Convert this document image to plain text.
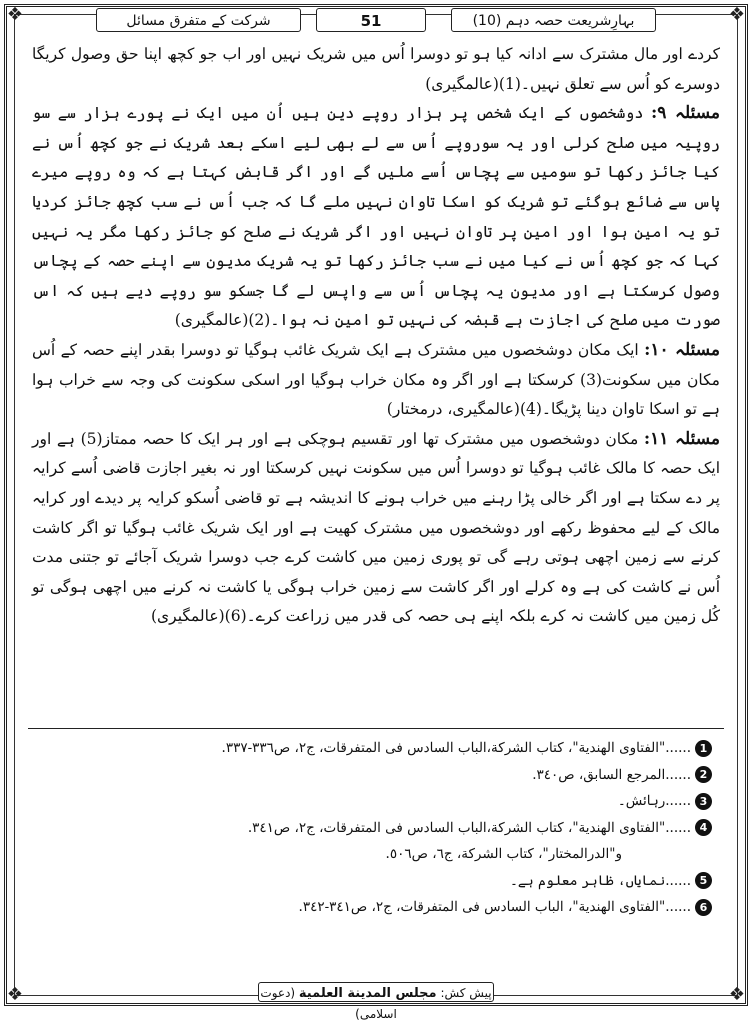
❖	❖
❖	❖
بہارِشریعت حصہ دہم (10)
51
شرکت کے متفرق مسائل

کردے اور مال مشترک سے ادانہ کیا ہو تو دوسرا اُس میں شریک نہیں اور اب جو کچھ اپنا حق وصول کریگا دوسرے کو اُس سے تعلق نہیں۔(1)(عالمگیری)

مسئلہ ۹: دوشخصوں کے ایک شخص پر ہزار روپے دین ہیں اُن میں ایک نے پورے ہزار سے سو روپیہ میں صلح کرلی اور یہ سوروپے اُس سے لے بھی لیے اسکے بعد شریک نے جو کچھ اُس نے کیا جائز رکھا تو سومیں سے پچاس اُسے ملیں گے اور اگر قابض کہتا ہے کہ وہ روپے میرے پاس سے ضائع ہوگئے تو شریک کو اسکا تاوان نہیں ملے گا کہ جب اُس نے سب کچھ جائز کردیا تو یہ امین ہوا اور امین پر تاوان نہیں اور اگر شریک نے صلح کو جائز رکھا مگر یہ نہیں کہا کہ جو کچھ اُس نے کیا میں نے سب جائز رکھا تو یہ شریک مدیون سے اپنے حصہ کے پچاس وصول کرسکتا ہے اور مدیون یہ پچاس اُس سے واپس لے گا جسکو سو روپے دیے ہیں کہ اس صورت میں صلح کی اجازت ہے قبضہ کی نہیں تو امین نہ ہوا۔(2)(عالمگیری)

مسئلہ ۱۰: ایک مکان دوشخصوں میں مشترک ہے ایک شریک غائب ہوگیا تو دوسرا بقدر اپنے حصہ کے اُس مکان میں سکونت(3) کرسکتا ہے اور اگر وہ مکان خراب ہوگیا اور اسکی سکونت کی وجہ سے خراب ہوا ہے تو اسکا تاوان دینا پڑیگا۔(4)(عالمگیری، درمختار)

مسئلہ ۱۱: مکان دوشخصوں میں مشترک تھا اور تقسیم ہوچکی ہے اور ہر ایک کا حصہ ممتاز(5) ہے اور ایک حصہ کا مالک غائب ہوگیا تو دوسرا اُس میں سکونت نہیں کرسکتا اور نہ بغیر اجازت قاضی اُسے کرایہ پر دے سکتا ہے اور اگر خالی پڑا رہنے میں خراب ہونے کا اندیشہ ہے تو قاضی اُسکو کرایہ پر دیدے اور کرایہ مالک کے لیے محفوظ رکھے اور دوشخصوں میں مشترک کھیت ہے اور ایک شریک غائب ہوگیا تو اگر کاشت کرنے سے زمین اچھی ہوتی رہے گی تو پوری زمین میں کاشت کرے جب دوسرا شریک آجائے تو جتنی مدت اُس نے کاشت کی ہے وہ کرلے اور اگر کاشت سے زمین خراب ہوگی یا کاشت نہ کرنے میں اچھی ہوگی تو کُل زمین میں کاشت نہ کرے بلکہ اپنے ہی حصہ کی قدر میں زراعت کرے۔(6)(عالمگیری)

1
......"الفتاوى الهندية"، كتاب الشركة،الباب السادس فى المتفرقات، ج٢، ص٣٣٦-٣٣٧.
2
......المرجع السابق، ص٣٤٠.
3
......رہائش۔
4
......"الفتاوى الهندية"، كتاب الشركة،الباب السادس فى المتفرقات، ج٢، ص٣٤١.
و"الدرالمختار"، كتاب الشركة، ج٦، ص٥٠٦.
5
......نمایاں، ظاہر معلوم ہے۔
6
......"الفتاوى الهندية"، الباب السادس فى المتفرقات، ج٢، ص٣٤١-٣٤٢.
پیش کش: مجلس المدينة العلمية (دعوت اسلامی)
